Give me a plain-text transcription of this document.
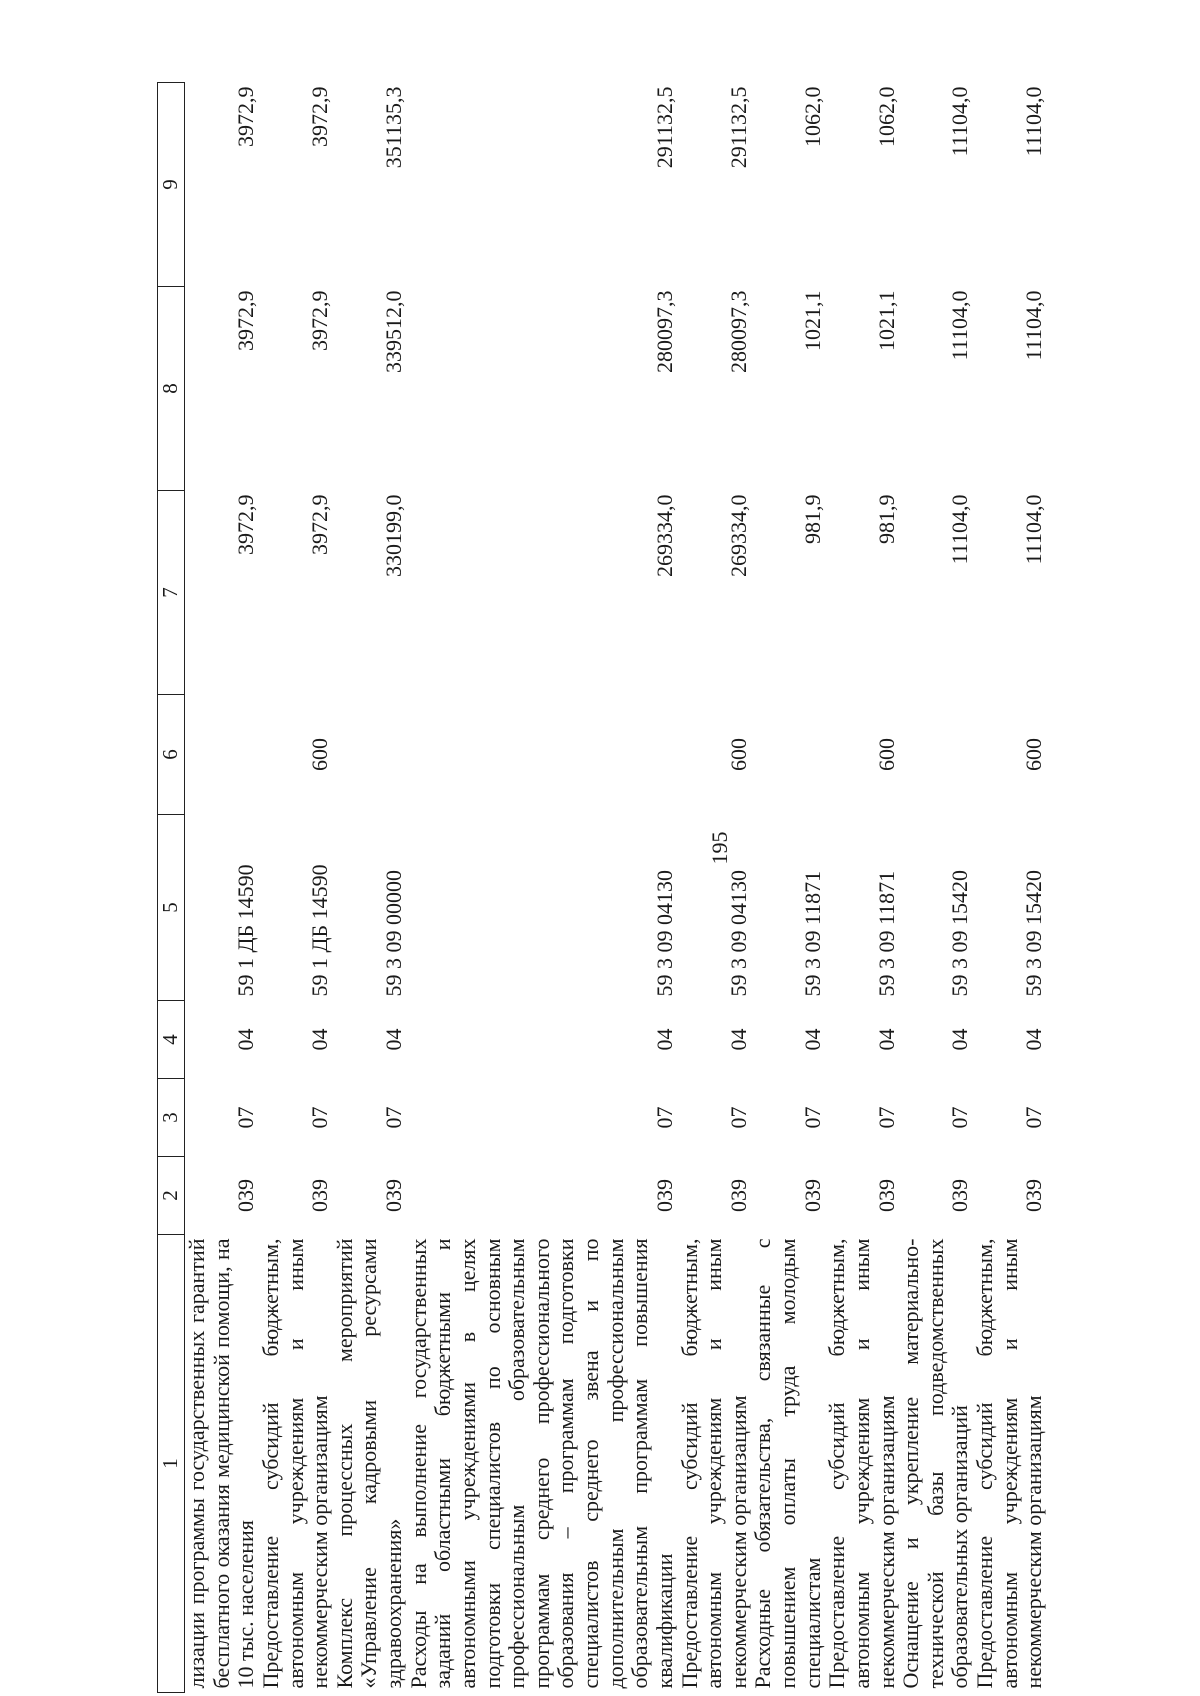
195
1	2	3	4	5	6	7	8	9
лизации программы государственных гарантий бесплатного оказания медицинской помощи, на 10 тыс. населения	039	07	04	59 1 ДБ 14590		3972,9	3972,9	3972,9
Предоставление субсидий бюджетным, автономным учреждениям и иным некоммерческим организациям	039	07	04	59 1 ДБ 14590	600	3972,9	3972,9	3972,9
Комплекс процессных мероприятий «Управление кадровыми ресурсами здравоохранения»	039	07	04	59 3 09 00000		330199,0	339512,0	351135,3
Расходы на выполнение государственных заданий областными бюджетными и автономными учреждениями в целях подготовки специалистов по основным профессиональным образовательным программам среднего профессионального образования – программам подготовки специалистов среднего звена и по дополнительным профессиональным образовательным программам повышения квалификации	039	07	04	59 3 09 04130		269334,0	280097,3	291132,5
Предоставление субсидий бюджетным, автономным учреждениям и иным некоммерческим организациям	039	07	04	59 3 09 04130	600	269334,0	280097,3	291132,5
Расходные обязательства, связанные с повышением оплаты труда молодым специалистам	039	07	04	59 3 09 11871		981,9	1021,1	1062,0
Предоставление субсидий бюджетным, автономным учреждениям и иным некоммерческим организациям	039	07	04	59 3 09 11871	600	981,9	1021,1	1062,0
Оснащение и укрепление материально-технической базы подведомственных образовательных организаций	039	07	04	59 3 09 15420		11104,0	11104,0	11104,0
Предоставление субсидий бюджетным, автономным учреждениям и иным некоммерческим организациям	039	07	04	59 3 09 15420	600	11104,0	11104,0	11104,0
